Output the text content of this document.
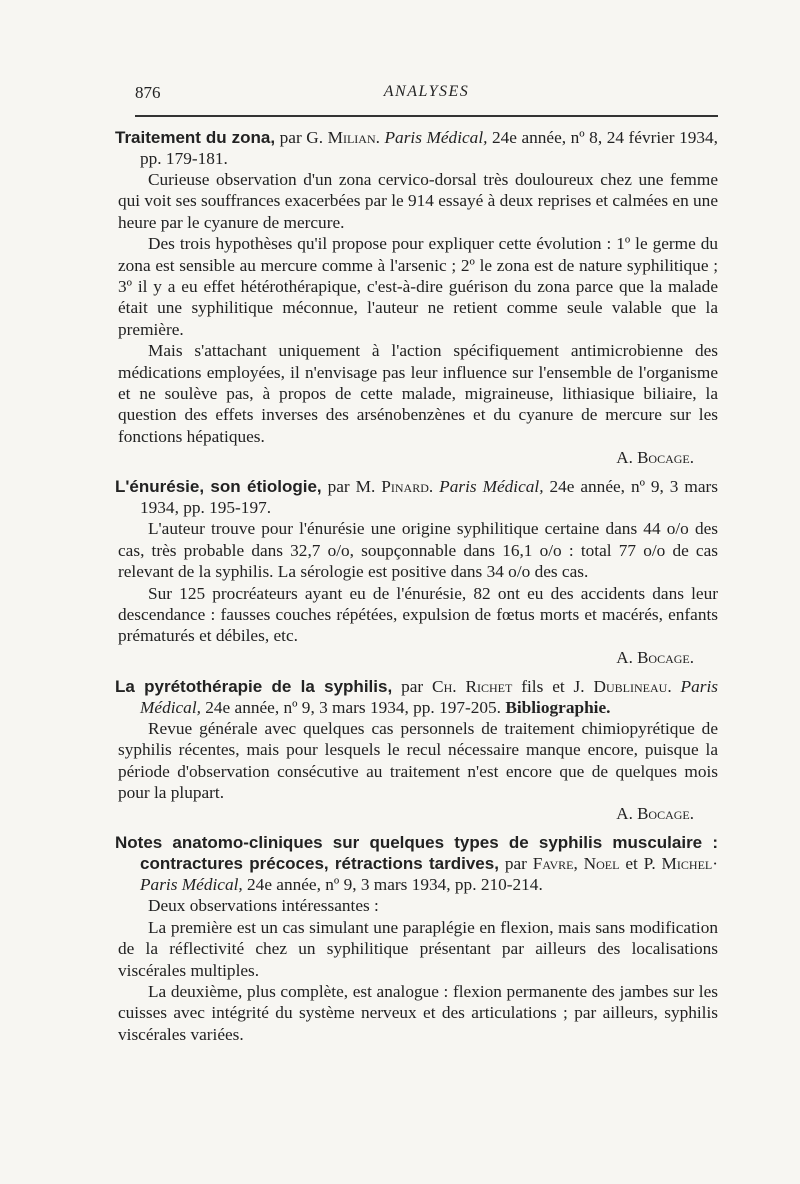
876	ANALYSES

Traitement du zona, par G. Milian. Paris Médical, 24e année, nº 8, 24 février 1934, pp. 179-181.

Curieuse observation d'un zona cervico-dorsal très douloureux chez une femme qui voit ses souffrances exacerbées par le 914 essayé à deux reprises et calmées en une heure par le cyanure de mercure.

Des trois hypothèses qu'il propose pour expliquer cette évolution : 1º le germe du zona est sensible au mercure comme à l'arsenic ; 2º le zona est de nature syphilitique ; 3º il y a eu effet hétérothérapique, c'est-à-dire guérison du zona parce que la malade était une syphilitique méconnue, l'auteur ne retient comme seule valable que la première.

Mais s'attachant uniquement à l'action spécifiquement antimicrobienne des médications employées, il n'envisage pas leur influence sur l'ensemble de l'organisme et ne soulève pas, à propos de cette malade, migraineuse, lithiasique biliaire, la question des effets inverses des arsénobenzènes et du cyanure de mercure sur les fonctions hépatiques.

A. Bocage.

L'énurésie, son étiologie, par M. Pinard. Paris Médical, 24e année, nº 9, 3 mars 1934, pp. 195-197.

L'auteur trouve pour l'énurésie une origine syphilitique certaine dans 44 o/o des cas, très probable dans 32,7 o/o, soupçonnable dans 16,1 o/o : total 77 o/o de cas relevant de la syphilis. La sérologie est positive dans 34 o/o des cas.

Sur 125 procréateurs ayant eu de l'énurésie, 82 ont eu des accidents dans leur descendance : fausses couches répétées, expulsion de fœtus morts et macérés, enfants prématurés et débiles, etc.

A. Bocage.

La pyrétothérapie de la syphilis, par Ch. Richet fils et J. Dublineau. Paris Médical, 24e année, nº 9, 3 mars 1934, pp. 197-205. Bibliographie.

Revue générale avec quelques cas personnels de traitement chimiopyrétique de syphilis récentes, mais pour lesquels le recul nécessaire manque encore, puisque la période d'observation consécutive au traitement n'est encore que de quelques mois pour la plupart.

A. Bocage.

Notes anatomo-cliniques sur quelques types de syphilis musculaire : contractures précoces, rétractions tardives, par Favre, Noel et P. Michel· Paris Médical, 24e année, nº 9, 3 mars 1934, pp. 210-214.

Deux observations intéressantes :

La première est un cas simulant une paraplégie en flexion, mais sans modification de la réflectivité chez un syphilitique présentant par ailleurs des localisations viscérales multiples.

La deuxième, plus complète, est analogue : flexion permanente des jambes sur les cuisses avec intégrité du système nerveux et des articulations ; par ailleurs, syphilis viscérales variées.
